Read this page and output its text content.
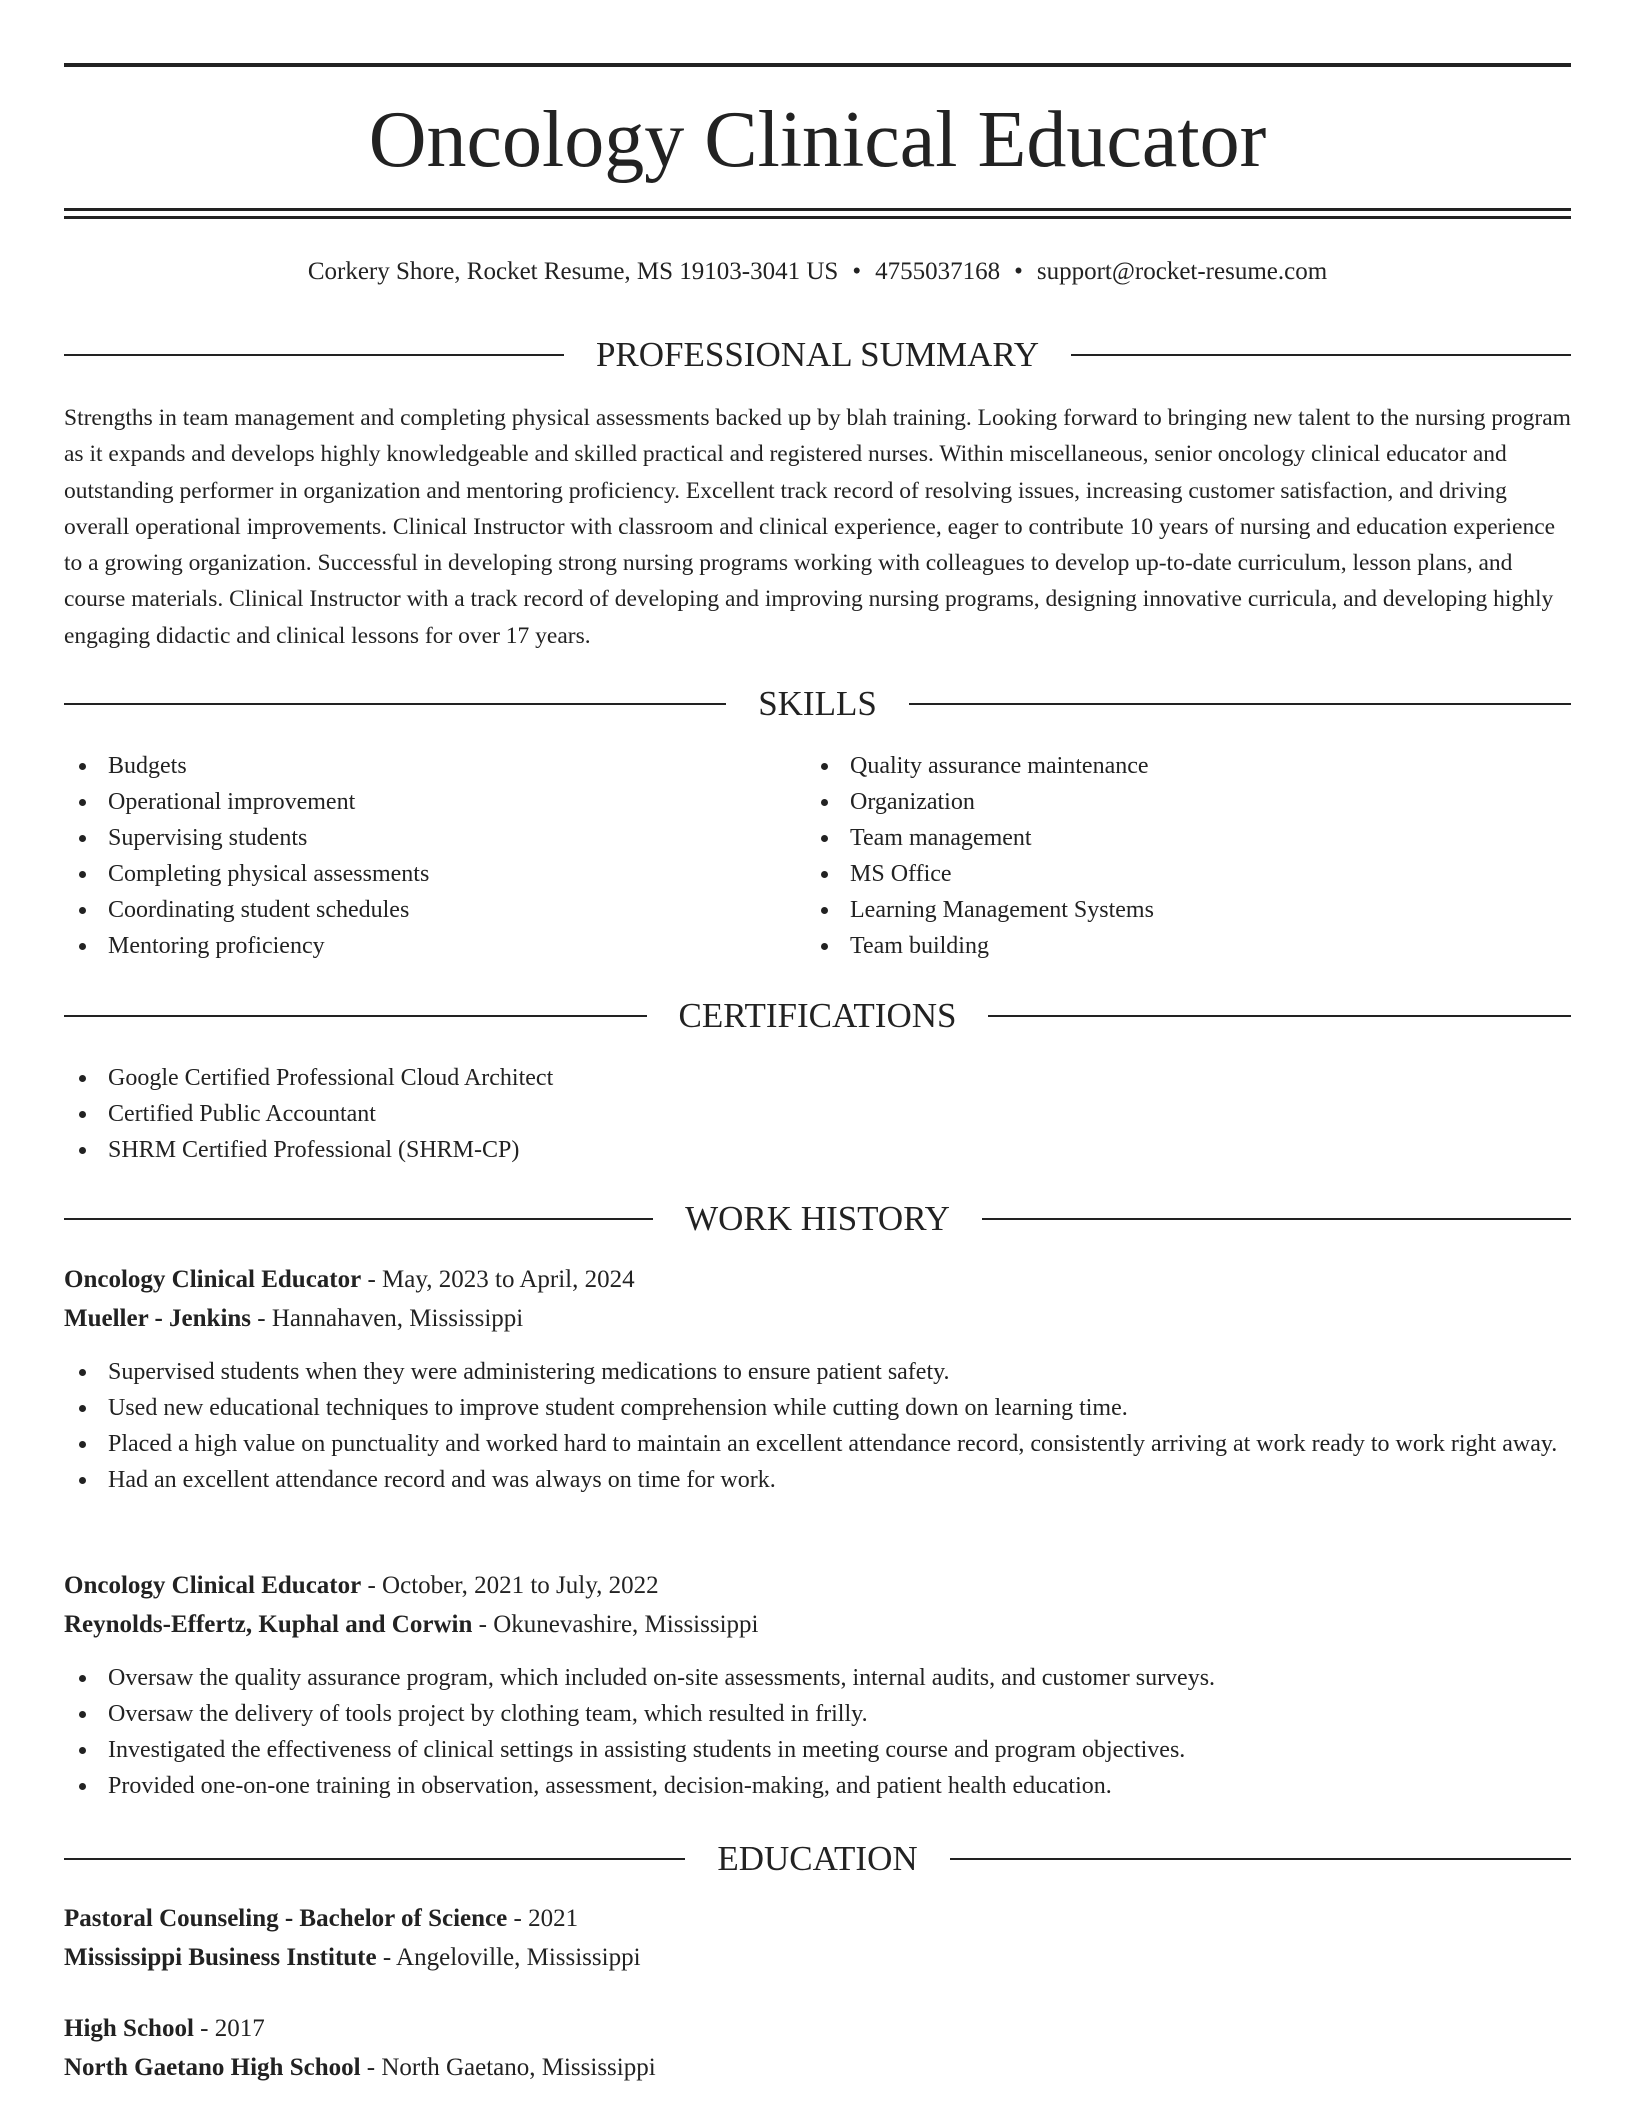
Oncology Clinical Educator
Corkery Shore, Rocket Resume, MS 19103-3041 US • 4755037168 • support@rocket-resume.com
PROFESSIONAL SUMMARY

Strengths in team management and completing physical assessments backed up by blah training. Looking forward to bringing new talent to the nursing program as it expands and develops highly knowledgeable and skilled practical and registered nurses. Within miscellaneous, senior oncology clinical educator and outstanding performer in organization and mentoring proficiency. Excellent track record of resolving issues, increasing customer satisfaction, and driving overall operational improvements. Clinical Instructor with classroom and clinical experience, eager to contribute 10 years of nursing and education experience to a growing organization. Successful in developing strong nursing programs working with colleagues to develop up-to-date curriculum, lesson plans, and course materials. Clinical Instructor with a track record of developing and improving nursing programs, designing innovative curricula, and developing highly engaging didactic and clinical lessons for over 17 years.

SKILLS
Budgets
Operational improvement
Supervising students
Completing physical assessments
Coordinating student schedules
Mentoring proficiency
Quality assurance maintenance
Organization
Team management
MS Office
Learning Management Systems
Team building
CERTIFICATIONS
Google Certified Professional Cloud Architect
Certified Public Accountant
SHRM Certified Professional (SHRM-CP)
WORK HISTORY
Oncology Clinical Educator - May, 2023 to April, 2024
Mueller - Jenkins - Hannahaven, Mississippi
Supervised students when they were administering medications to ensure patient safety.
Used new educational techniques to improve student comprehension while cutting down on learning time.
Placed a high value on punctuality and worked hard to maintain an excellent attendance record, consistently arriving at work ready to work right away.
Had an excellent attendance record and was always on time for work.
Oncology Clinical Educator - October, 2021 to July, 2022
Reynolds-Effertz, Kuphal and Corwin - Okunevashire, Mississippi
Oversaw the quality assurance program, which included on-site assessments, internal audits, and customer surveys.
Oversaw the delivery of tools project by clothing team, which resulted in frilly.
Investigated the effectiveness of clinical settings in assisting students in meeting course and program objectives.
Provided one-on-one training in observation, assessment, decision-making, and patient health education.
EDUCATION
Pastoral Counseling - Bachelor of Science - 2021
Mississippi Business Institute - Angeloville, Mississippi
High School - 2017
North Gaetano High School - North Gaetano, Mississippi
